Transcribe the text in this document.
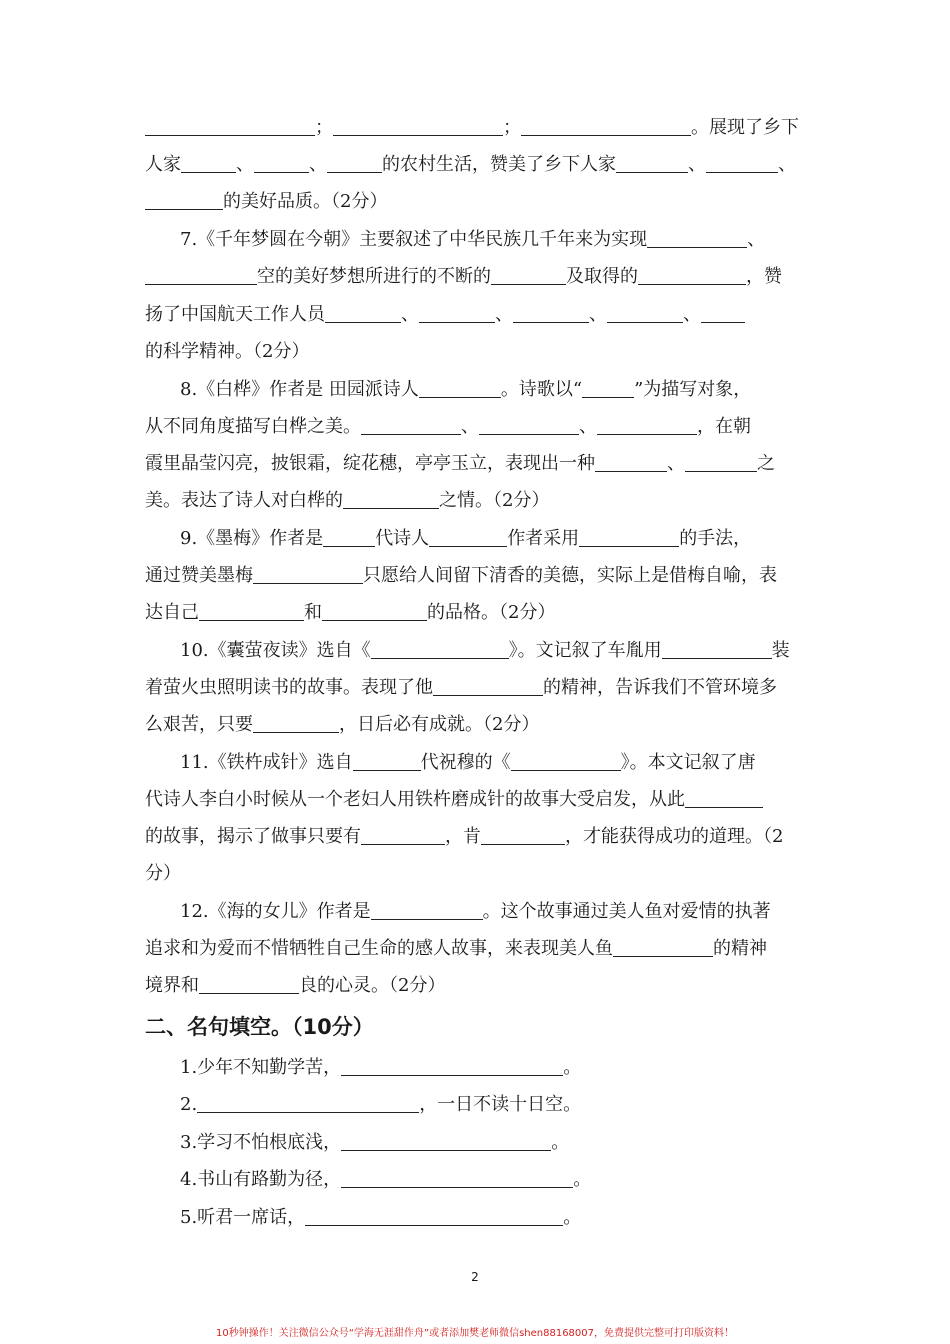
；	；	。展现了乡下
人家	、	、	的农村生活，赞美了乡下人家	、	、
的美好品质。（2分）
7.《千年梦圆在今朝》主要叙述了中华民族几千年来为实现	、
空的美好梦想所进行的不断的	及取得的	，赞
扬了中国航天工作人员	、	、	、	、
的科学精神。（2分）
8.《白桦》作者是 田园派诗人	。诗歌以“	”为描写对象，
从不同角度描写白桦之美。	、	、	，在朝
霞里晶莹闪亮，披银霜，绽花穗，亭亭玉立，表现出一种	、	之
美。表达了诗人对白桦的	之情。（2分）
9.《墨梅》作者是	代诗人	作者采用	的手法，
通过赞美墨梅	只愿给人间留下清香的美德，实际上是借梅自喻，表
达自己	和	的品格。（2分）
10.《囊萤夜读》选自《	》。文记叙了车胤用	装
着萤火虫照明读书的故事。表现了他	的精神，告诉我们不管环境多
么艰苦，只要	，日后必有成就。（2分）
11.《铁杵成针》选自	代祝穆的《	》。本文记叙了唐
代诗人李白小时候从一个老妇人用铁杵磨成针的故事大受启发，从此
的故事，揭示了做事只要有	，肯	，才能获得成功的道理。（2
分）
12.《海的女儿》作者是	。这个故事通过美人鱼对爱情的执著
追求和为爱而不惜牺牲自己生命的感人故事，来表现美人鱼	的精神
境界和	良的心灵。（2分）
二、名句填空。（10分）
1.少年不知勤学苦，	。
2.	，一日不读十日空。
3.学习不怕根底浅，	。
4.书山有路勤为径，	。
5.听君一席话，	。
2
10秒钟操作！关注微信公众号“学海无涯甜作舟”或者添加樊老师微信shen88168007，免费提供完整可打印版资料！
